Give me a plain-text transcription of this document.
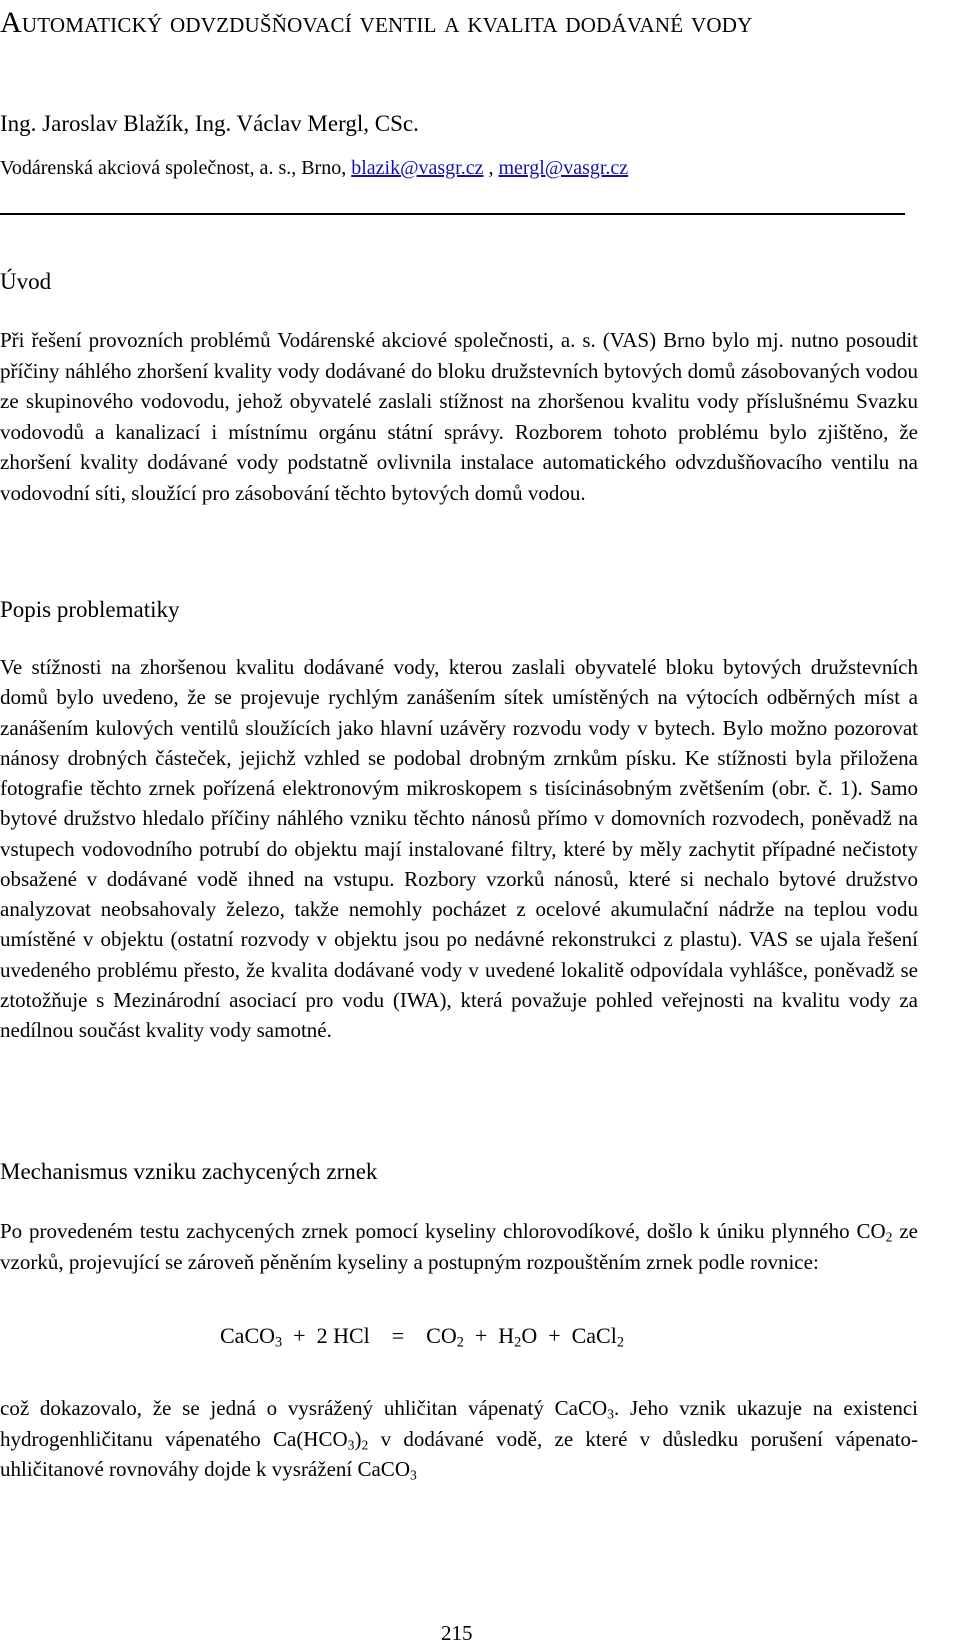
Automatický odvzdušňovací ventil a kvalita dodávané vody

Ing. Jaroslav Blažík, Ing. Václav Mergl, CSc.

Vodárenská akciová společnost, a. s., Brno, blazik@vasgr.cz , mergl@vasgr.cz

Úvod

Při řešení provozních problémů Vodárenské akciové společnosti, a. s. (VAS) Brno bylo mj. nutno posoudit příčiny náhlého zhoršení kvality vody dodávané do bloku družstevních bytových domů zásobovaných vodou ze skupinového vodovodu, jehož obyvatelé zaslali stížnost na zhoršenou kvalitu vody příslušnému Svazku vodovodů a kanalizací i místnímu orgánu státní správy. Rozborem tohoto problému bylo zjištěno, že zhoršení kvality dodávané vody podstatně ovlivnila instalace automatického odvzdušňovacího ventilu na vodovodní síti, sloužící pro zásobování těchto bytových domů vodou.

Popis problematiky

Ve stížnosti na zhoršenou kvalitu dodávané vody, kterou zaslali obyvatelé bloku bytových družstevních domů bylo uvedeno, že se projevuje rychlým zanášením sítek umístěných na výtocích odběrných míst a zanášením kulových ventilů sloužících jako hlavní uzávěry rozvodu vody v bytech. Bylo možno pozorovat nánosy drobných částeček, jejichž vzhled se podobal drobným zrnkům písku. Ke stížnosti byla přiložena fotografie těchto zrnek pořízená elektronovým mikroskopem s tisícinásobným zvětšením (obr. č. 1). Samo bytové družstvo hledalo příčiny náhlého vzniku těchto nánosů přímo v domovních rozvodech, poněvadž na vstupech vodovodního potrubí do objektu mají instalované filtry, které by měly zachytit případné nečistoty obsažené v dodávané vodě ihned na vstupu. Rozbory vzorků nánosů, které si nechalo bytové družstvo analyzovat neobsahovaly železo, takže nemohly pocházet z ocelové akumulační nádrže na teplou vodu umístěné v objektu (ostatní rozvody v objektu jsou po nedávné rekonstrukci z plastu). VAS se ujala řešení uvedeného problému přesto, že kvalita dodávané vody v uvedené lokalitě odpovídala vyhlášce, poněvadž se ztotožňuje s Mezinárodní asociací pro vodu (IWA), která považuje pohled veřejnosti na kvalitu vody za nedílnou součást kvality vody samotné.

Mechanismus vzniku zachycených zrnek

Po provedeném testu zachycených zrnek pomocí kyseliny chlorovodíkové, došlo k úniku plynného $CO_2$ ze vzorků, projevující se zároveň pěněním kyseliny a postupným rozpouštěním zrnek podle rovnice:

CaCO$_3$  +  2 HCl    =    $CO_2 + H_2O$  +  CaCl$_2$

což dokazovalo, že se jedná o vysrážený uhličitan vápenatý CaCO$_3$. Jeho vznik ukazuje na existenci hydrogenhličitanu vápenatého $Ca(HCO_3)_2$ v dodávané vodě, ze které v důsledku porušení vápenato-uhličitanové rovnováhy dojde k vysrážení CaCO$_3$

215
